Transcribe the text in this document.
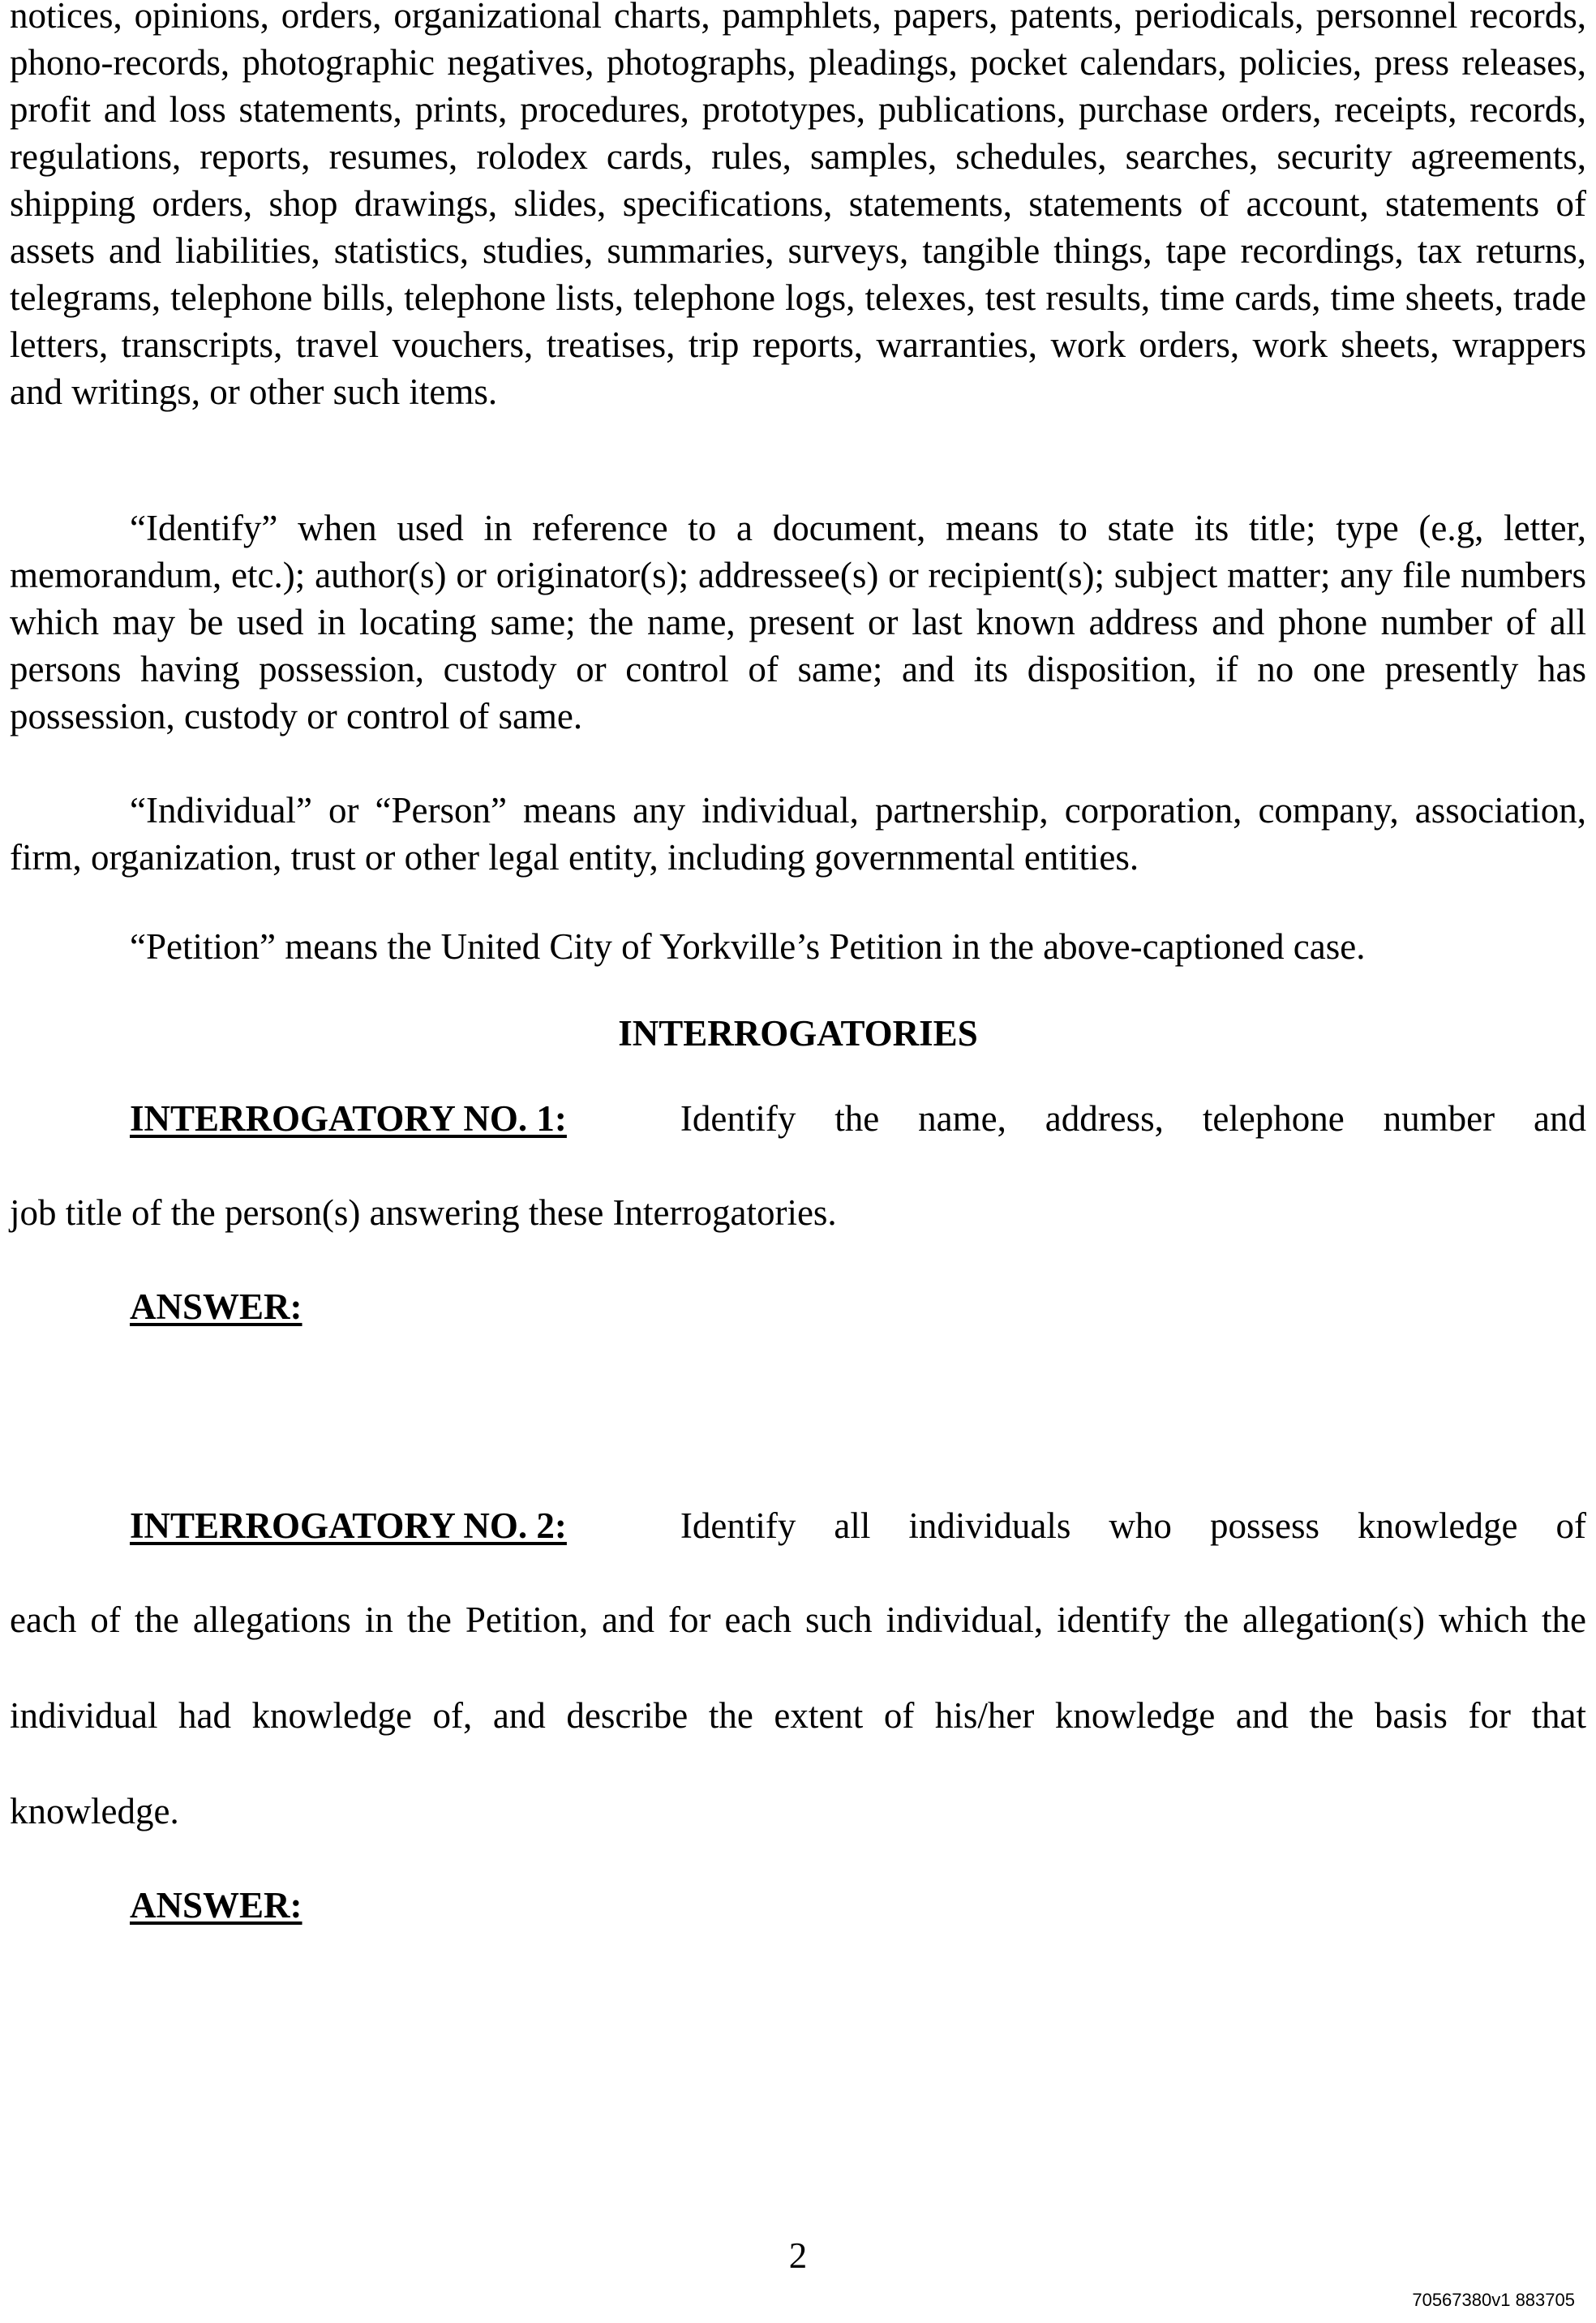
notices, opinions, orders, organizational charts, pamphlets, papers, patents, periodicals, personnel records, phono-records, photographic negatives, photographs, pleadings, pocket calendars, policies, press releases, profit and loss statements, prints, procedures, prototypes, publications, purchase orders, receipts, records, regulations, reports, resumes, rolodex cards, rules, samples, schedules, searches, security agreements, shipping orders, shop drawings, slides, specifications, statements, statements of account, statements of assets and liabilities, statistics, studies, summaries, surveys, tangible things, tape recordings, tax returns, telegrams, telephone bills, telephone lists, telephone logs, telexes, test results, time cards, time sheets, trade letters, transcripts, travel vouchers, treatises, trip reports, warranties, work orders, work sheets, wrappers and writings, or other such items.

“Identify” when used in reference to a document, means to state its title; type (e.g, letter, memorandum, etc.); author(s) or originator(s); addressee(s) or recipient(s); subject matter; any file numbers which may be used in locating same; the name, present or last known address and phone number of all persons having possession, custody or control of same; and its disposition, if no one presently has possession, custody or control of same.

“Individual” or “Person” means any individual, partnership, corporation, company, association, firm, organization, trust or other legal entity, including governmental entities.

“Petition” means the United City of Yorkville’s Petition in the above-captioned case.

INTERROGATORIES
INTERROGATORY NO. 1:	Identify the name, address, telephone number and

job title of the person(s) answering these Interrogatories.

ANSWER:
INTERROGATORY NO. 2:	Identify all individuals who possess knowledge of

each of the allegations in the Petition, and for each such individual, identify the allegation(s) which the individual had knowledge of, and describe the extent of his/her knowledge and the basis for that knowledge.

ANSWER:
2
70567380v1 883705
